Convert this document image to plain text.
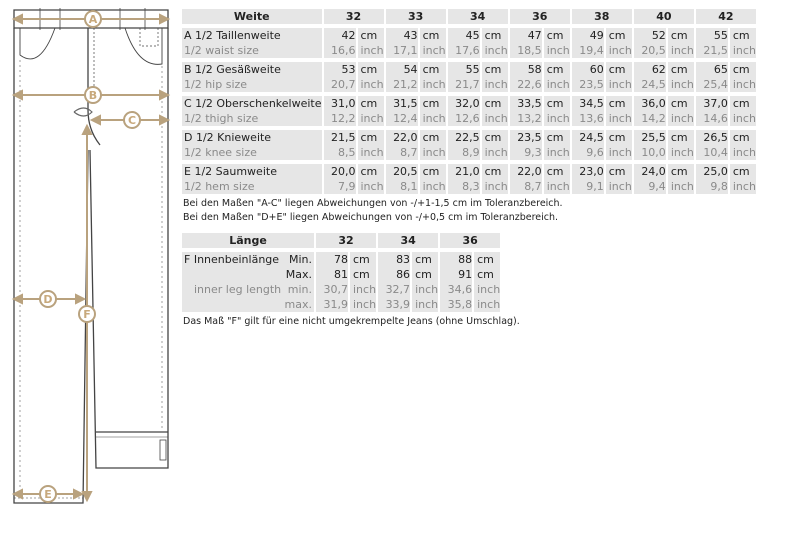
A
B
C
D
E
F
Weite	32		33		34		36		38		40		42	

A 1/2 Taillenweite	42	cm	43	cm	45	cm	47	cm	49	cm	52	cm	55	cm
1/2 waist size	16,6	inch	17,1	inch	17,6	inch	18,5	inch	19,4	inch	20,5	inch	21,5	inch

B 1/2 Gesäßweite	53	cm	54	cm	55	cm	58	cm	60	cm	62	cm	65	cm
1/2 hip size	20,7	inch	21,2	inch	21,7	inch	22,6	inch	23,5	inch	24,5	inch	25,4	inch

C 1/2 Oberschenkelweite	31,0	cm	31,5	cm	32,0	cm	33,5	cm	34,5	cm	36,0	cm	37,0	cm
1/2 thigh size	12,2	inch	12,4	inch	12,6	inch	13,2	inch	13,6	inch	14,2	inch	14,6	inch

D 1/2 Knieweite	21,5	cm	22,0	cm	22,5	cm	23,5	cm	24,5	cm	25,5	cm	26,5	cm
1/2 knee size	8,5	inch	8,7	inch	8,9	inch	9,3	inch	9,6	inch	10,0	inch	10,4	inch

E 1/2 Saumweite	20,0	cm	20,5	cm	21,0	cm	22,0	cm	23,0	cm	24,0	cm	25,0	cm
1/2 hem size	7,9	inch	8,1	inch	8,3	inch	8,7	inch	9,1	inch	9,4	inch	9,8	inch
Bei den Maßen "A-C" liegen Abweichungen von -/+1-1,5 cm im Toleranzbereich.
Bei den Maßen "D+E" liegen Abweichungen von -/+0,5 cm im Toleranzbereich.
Länge	32		34		36	

F Innenbeinlänge Min.	78	cm	83	cm	88	cm

Max.	81	cm	86	cm	91	cm
inner leg length min.	30,7	inch	32,7	inch	34,6	inch

max.	31,9	inch	33,9	inch	35,8	inch
Das Maß "F" gilt für eine nicht umgekrempelte Jeans (ohne Umschlag).
